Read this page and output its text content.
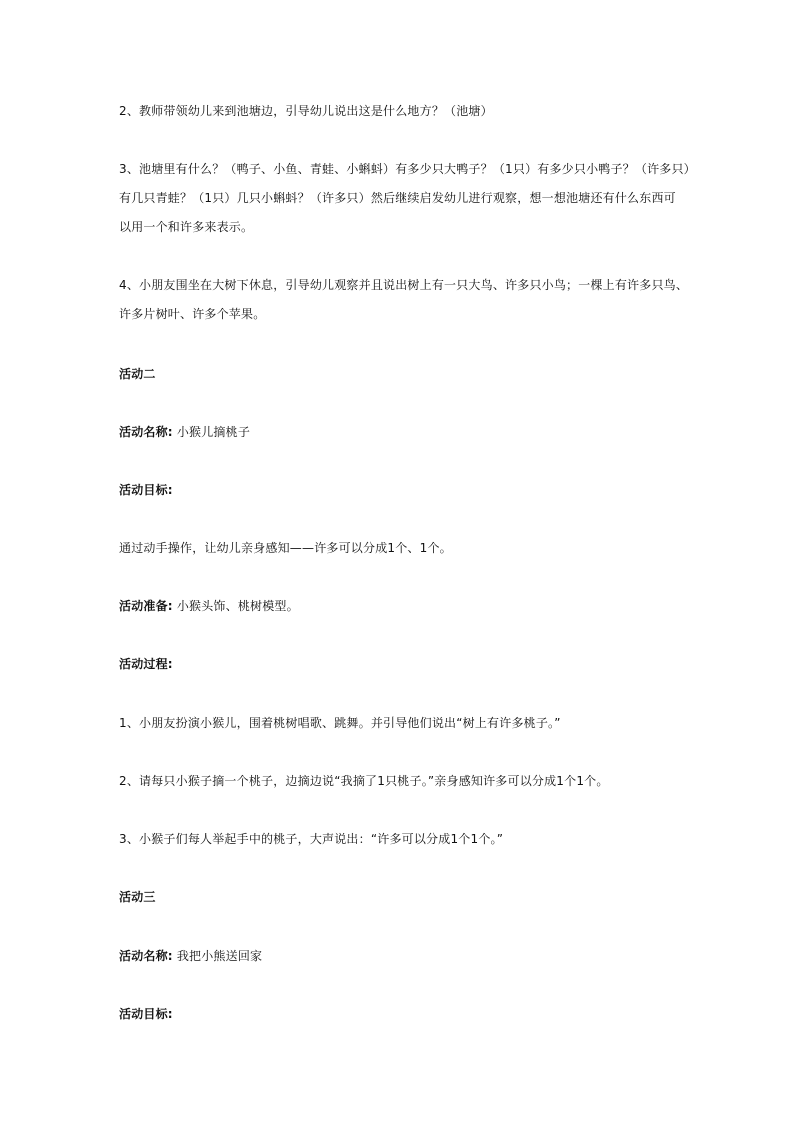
2、教师带领幼儿来到池塘边，引导幼儿说出这是什么地方？（池塘）
3、池塘里有什么？（鸭子、小鱼、青蛙、小蝌蚪）有多少只大鸭子？（1只）有多少只小鸭子？（许多只）
有几只青蛙？（1只）几只小蝌蚪？（许多只）然后继续启发幼儿进行观察，想一想池塘还有什么东西可
以用一个和许多来表示。
4、小朋友围坐在大树下休息，引导幼儿观察并且说出树上有一只大鸟、许多只小鸟；一棵上有许多只鸟、
许多片树叶、许多个苹果。
活动二
活动名称: 小猴儿摘桃子
活动目标:
通过动手操作，让幼儿亲身感知——许多可以分成1个、1个。
活动准备: 小猴头饰、桃树模型。
活动过程:
1、小朋友扮演小猴儿，围着桃树唱歌、跳舞。并引导他们说出“树上有许多桃子。”
2、请每只小猴子摘一个桃子，边摘边说“我摘了1只桃子。”亲身感知许多可以分成1个1个。
3、小猴子们每人举起手中的桃子，大声说出：“许多可以分成1个1个。”
活动三
活动名称: 我把小熊送回家
活动目标:
